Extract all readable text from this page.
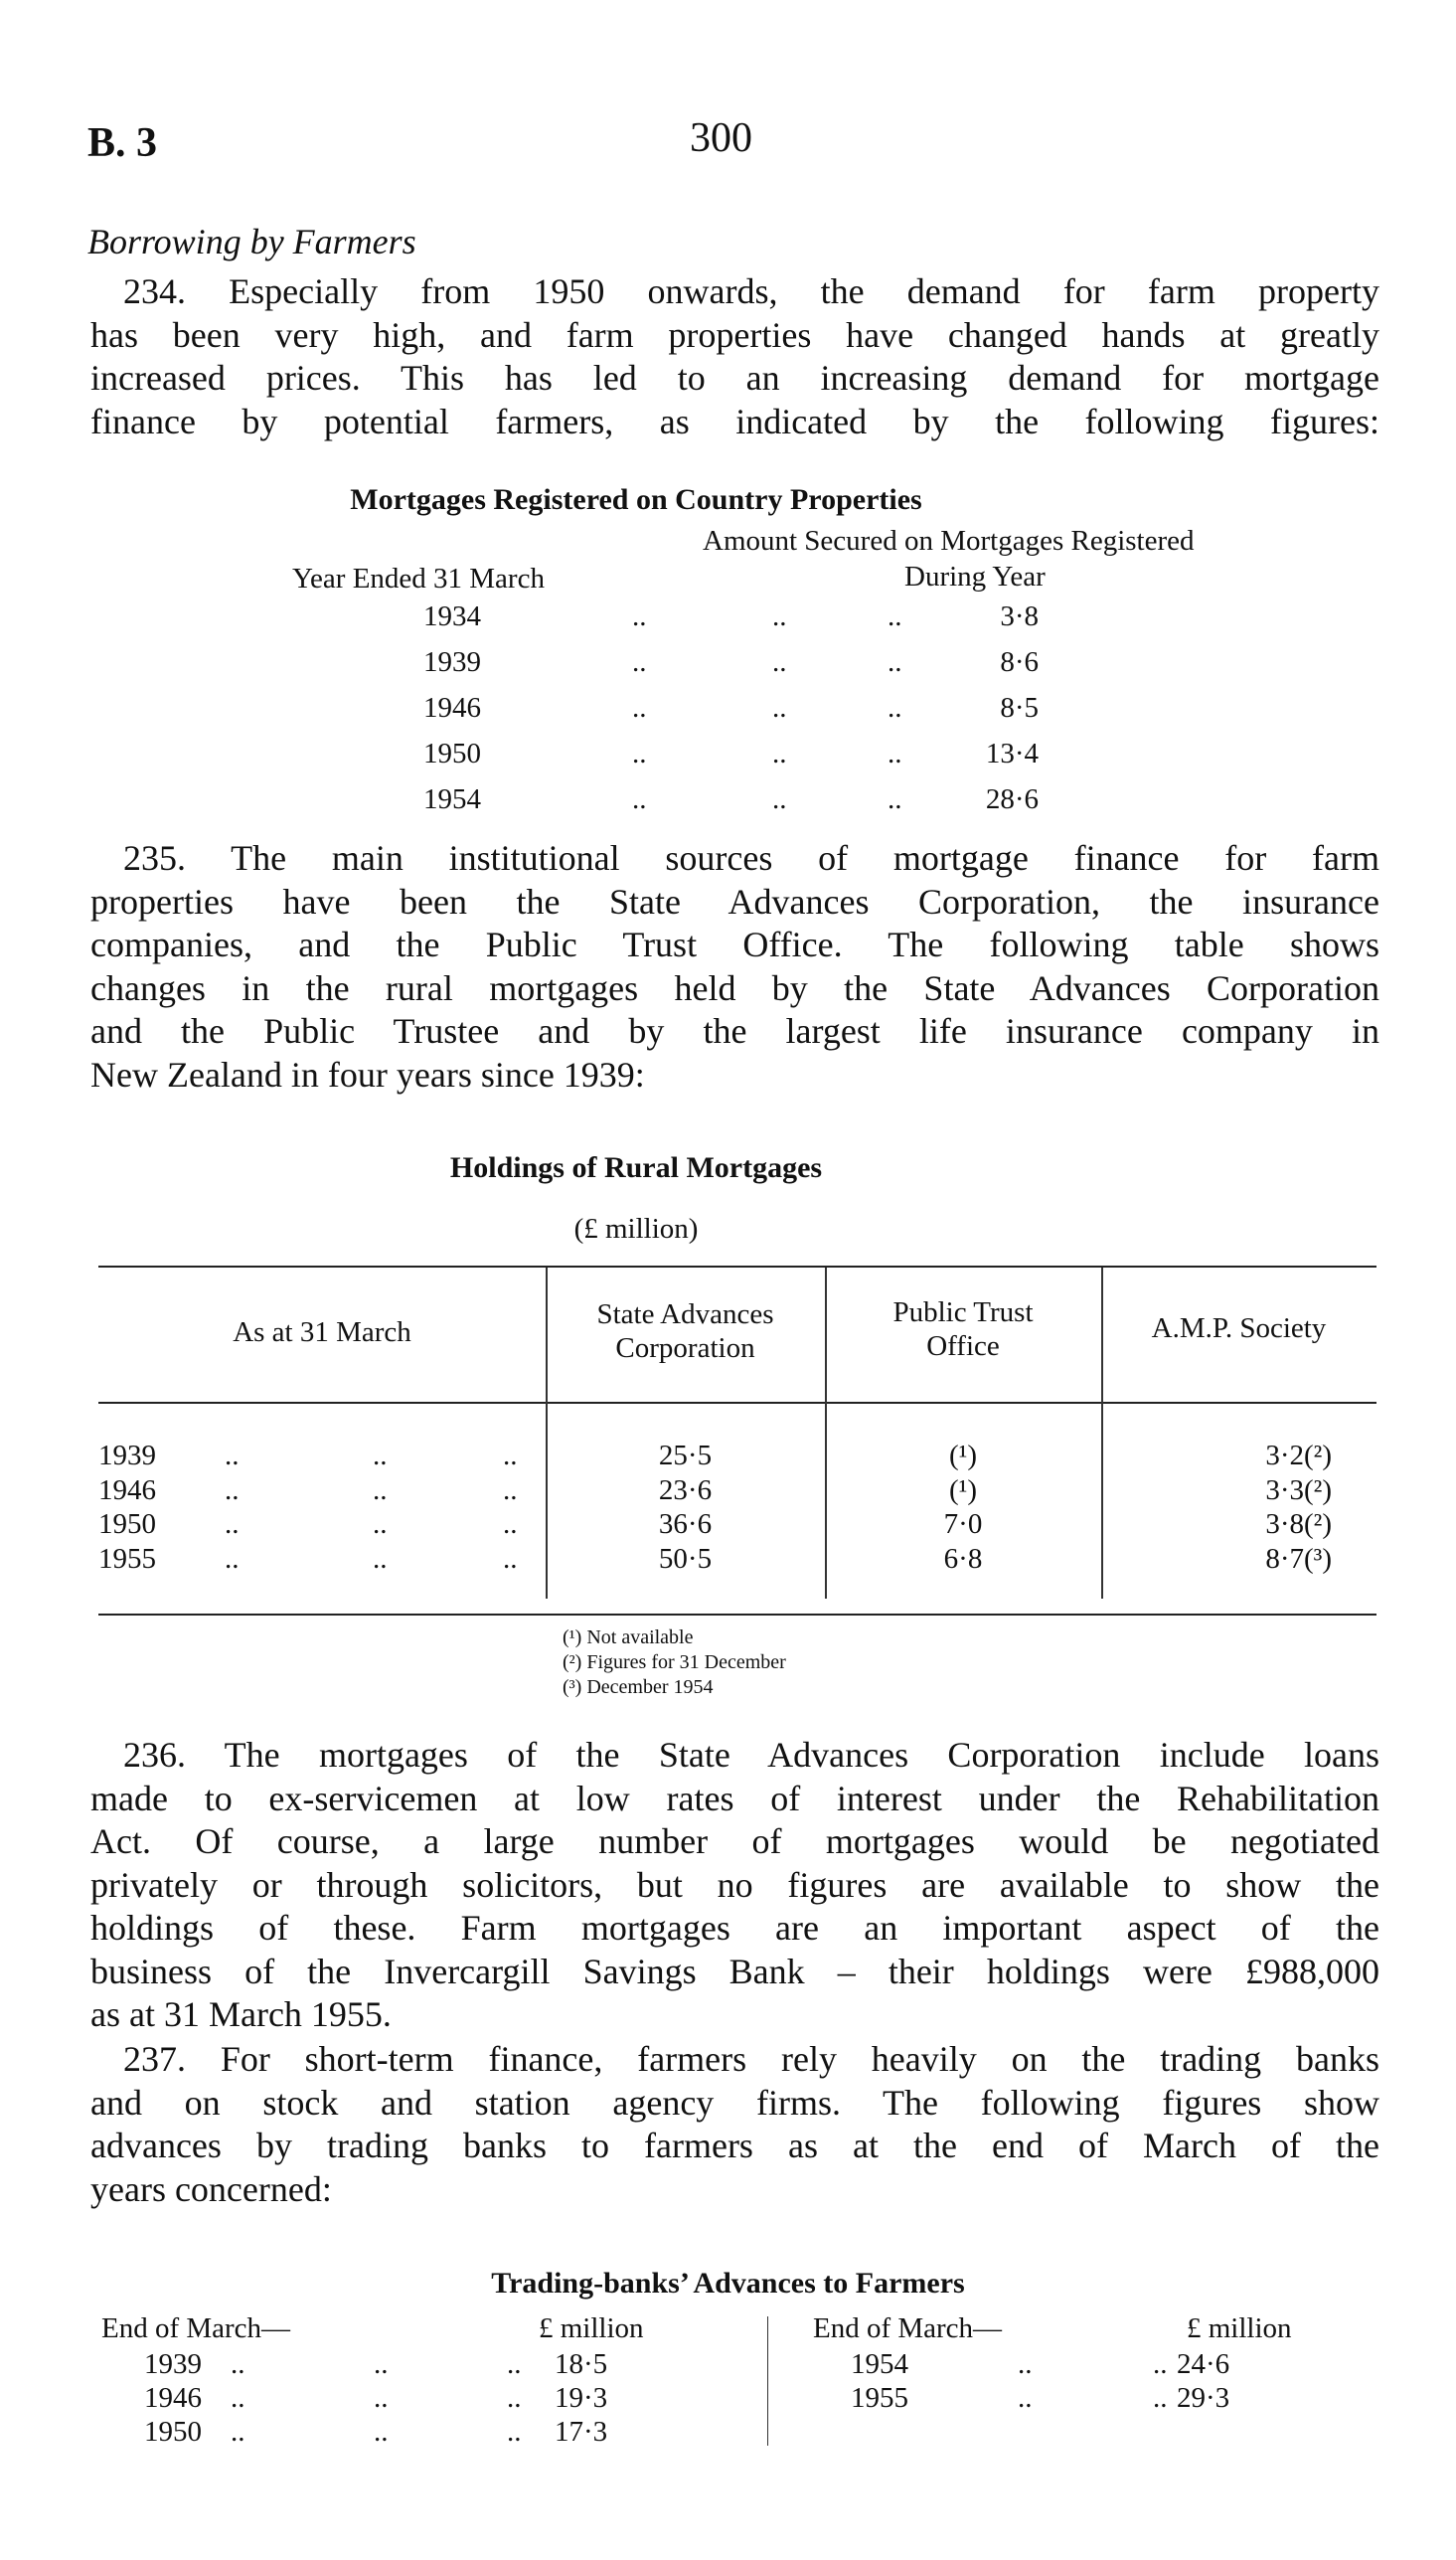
B. 3	300
Borrowing by Farmers
234. Especially from 1950 onwards, the demand for farm property
has been very high, and farm properties have changed hands at greatly
increased prices. This has led to an increasing demand for mortgage
finance by potential farmers, as indicated by the following figures:
Mortgages Registered on Country Properties
Amount Secured on Mortgages Registered
Year Ended 31 March	During Year
1934	..	..	..	3·8
1939	..	..	..	8·6
1946	..	..	..	8·5
1950	..	..	..	13·4
1954	..	..	..	28·6
235. The main institutional sources of mortgage finance for farm
properties have been the State Advances Corporation, the insurance
companies, and the Public Trust Office. The following table shows
changes in the rural mortgages held by the State Advances Corporation
and the Public Trustee and by the largest life insurance company in
New Zealand in four years since 1939:
Holdings of Rural Mortgages
(£ million)
As at 31 March
State Advances
Corporation
Public Trust
Office
A.M.P. Society
1939 ..	..	..	25·5	(¹)	3·2(²)
1946 ..	..	..	23·6	(¹)	3·3(²)
1950 ..	..	..	36·6	7·0	3·8(²)
1955 ..	..	..	50·5	6·8	8·7(³)
(¹) Not available
(²) Figures for 31 December
(³) December 1954
236. The mortgages of the State Advances Corporation include loans
made to ex-servicemen at low rates of interest under the Rehabilitation
Act. Of course, a large number of mortgages would be negotiated
privately or through solicitors, but no figures are available to show the
holdings of these. Farm mortgages are an important aspect of the
business of the Invercargill Savings Bank – their holdings were £988,000
as at 31 March 1955.
237. For short-term finance, farmers rely heavily on the trading banks
and on stock and station agency firms. The following figures show
advances by trading banks to farmers as at the end of March of the
years concerned:
Trading-banks’ Advances to Farmers
End of March—	£ million	End of March—	£ million
1939 ..	..	.. 18·5
1946 ..	..	.. 19·3
1950 ..	..	.. 17·3
1954	..	.. 24·6
1955	..	.. 29·3
